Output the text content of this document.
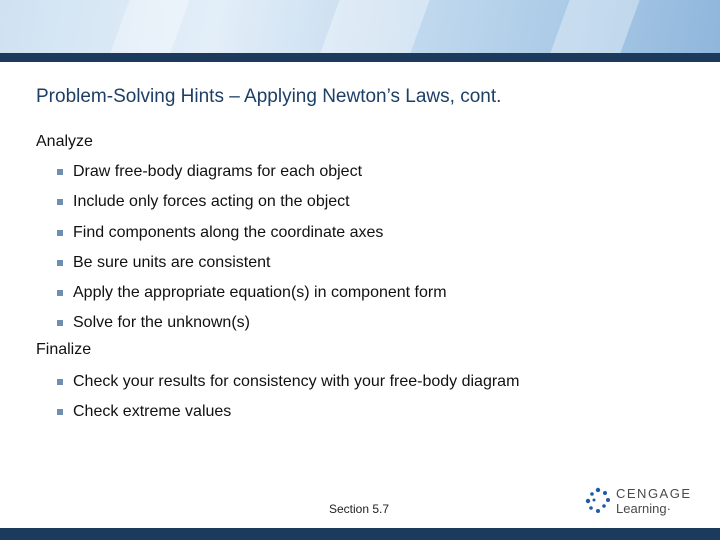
Problem-Solving Hints – Applying Newton’s Laws, cont.

Analyze

Draw free-body diagrams for each object
Include only forces acting on the object
Find components along the coordinate axes
Be sure units are consistent
Apply the appropriate equation(s) in component form
Solve for the unknown(s)

Finalize

Check your results for consistency with your free-body diagram
Check extreme values
Section 5.7
CENGAGE
Learning·
